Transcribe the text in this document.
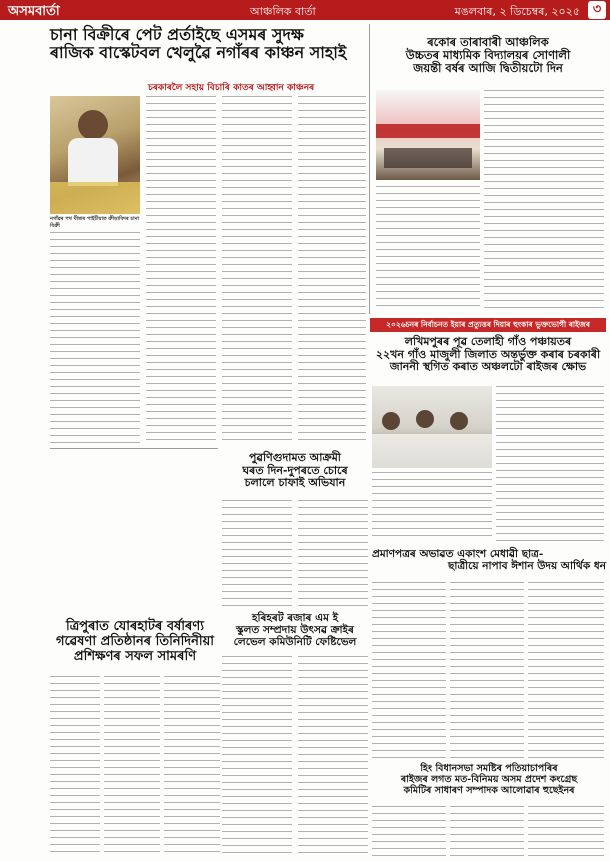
অসমবাৰ্তা	আঞ্চলিক বাৰ্তা	মঙলবাৰ, ২ ডিচেম্বৰ, ২০২৫ ৩
চানা বিক্ৰীৰে পেট প্ৰৰ্তাইছে এসমৰ সুদক্ষ
ৰাজিক বাস্কেটবল খেলুৱৈ নগাঁৰৰ কাঞ্চন সাহাই
চৰকাৰলৈ সহায় বিচাৰি কাতৰ আহ্বান কাঞ্চনৰ
নগাঁৱৰ পথ ঘীন্নাৰ পাইচীয়াত ক্ৰীড়াবিদৰ চানা বিক্ৰী
ৰকোৰ তাৰাবাৰী আঞ্চলিক
উচ্চতৰ মাধ্যমিক বিদ্যালয়ৰ সোণালী
জয়ন্তী বৰ্ষৰ আজি দ্বিতীয়টো দিন
২০২৬চনৰ নিৰ্বাচনত ইয়াৰ প্ৰত্যুত্তৰ দিয়াৰ হুংকাৰ ভুক্তভোগী ৰাইজৰ
লখিমপুৰৰ পূৱ তেলাহী গাঁও পঞ্চায়তৰ
২২খন গাঁও মাজুলী জিলাত অন্তৰ্ভুক্ত কৰাৰ চৰকাৰী
জাননী স্থগিত কৰাত অঞ্চলটো ৰাইজৰ ক্ষোভ
পুৱণিগুদামত আক্ৰমী
ঘৰত দিন-দুপৰতে চোৰে
চলালে চাফাই অভিযান
প্ৰমাণপত্ৰৰ অভাৱত একাংশ মেধাৱী ছাত্ৰ-
ছাত্ৰীয়ে নাপাব ঈশান উদয় আৰ্থিক ধন
ত্ৰিপুৰাত যোৰহাটৰ বৰ্ষাৰণ্য
গৱেষণা প্ৰতিষ্ঠানৰ তিনিদিনীয়া
প্ৰশিক্ষণৰ সফল সামৰণি
হৰিহৰট ৰজাৰ এম ই
স্কুলত সম্প্ৰদায় উৎসৱ ক্ৰাইৰ
লেভেল কমিউনিটি ফেষ্টিভেল
হিং বিধানসভা সমষ্টিৰ পতিয়াচাপৰিৰ
ৰাইজৰ লগত মত-বিনিময় অসম প্ৰদেশ কংগ্ৰেছ
কমিটিৰ সাধাৰণ সম্পাদক আলোৱাৰ হুছেইনৰ
